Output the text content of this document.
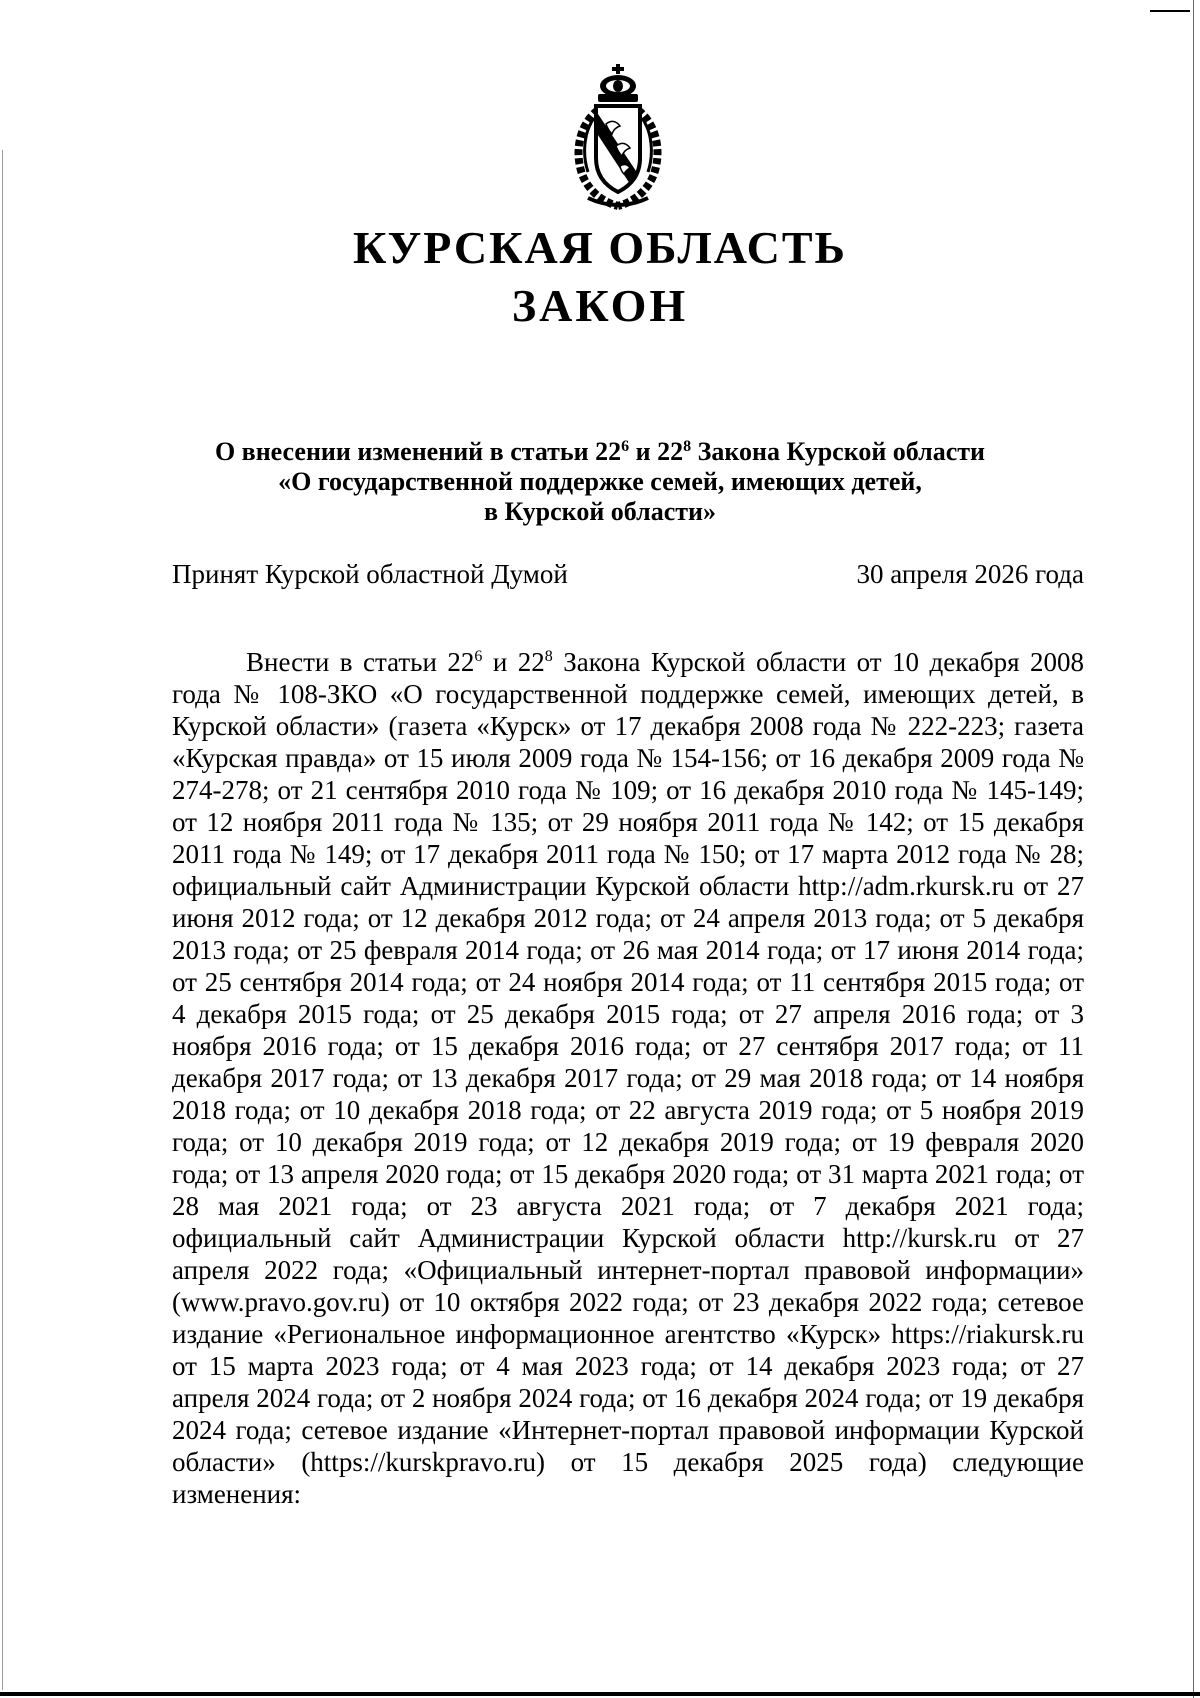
КУРСКАЯ ОБЛАСТЬ
ЗАКОН
О внесении изменений в статьи $22^6$ и $22^8$ Закона Курской области
«О государственной поддержке семей, имеющих детей,
в Курской области»
Принят Курской областной Думой	30 апреля 2026 года

Внести в статьи $22^6$ и $22^8$ Закона Курской области от 10 декабря 2008 года № 108-ЗКО «О государственной поддержке семей, имеющих детей, в Курской области» (газета «Курск» от 17 декабря 2008 года № 222-223; газета «Курская правда» от 15 июля 2009 года № 154-156; от 16 декабря 2009 года № 274-278; от 21 сентября 2010 года № 109; от 16 декабря 2010 года № 145-149; от 12 ноября 2011 года № 135; от 29 ноября 2011 года № 142; от 15 декабря 2011 года № 149; от 17 декабря 2011 года № 150; от 17 марта 2012 года № 28; официальный сайт Администрации Курской области http://adm.rkursk.ru от 27 июня 2012 года; от 12 декабря 2012 года; от 24 апреля 2013 года; от 5 декабря 2013 года; от 25 февраля 2014 года; от 26 мая 2014 года; от 17 июня 2014 года; от 25 сентября 2014 года; от 24 ноября 2014 года; от 11 сентября 2015 года; от 4 декабря 2015 года; от 25 декабря 2015 года; от 27 апреля 2016 года; от 3 ноября 2016 года; от 15 декабря 2016 года; от 27 сентября 2017 года; от 11 декабря 2017 года; от 13 декабря 2017 года; от 29 мая 2018 года; от 14 ноября 2018 года; от 10 декабря 2018 года; от 22 августа 2019 года; от 5 ноября 2019 года; от 10 декабря 2019 года; от 12 декабря 2019 года; от 19 февраля 2020 года; от 13 апреля 2020 года; от 15 декабря 2020 года; от 31 марта 2021 года; от 28 мая 2021 года; от 23 августа 2021 года; от 7 декабря 2021 года; официальный сайт Администрации Курской области http://kursk.ru от 27 апреля 2022 года; «Официальный интернет-портал правовой информации» (www.pravo.gov.ru) от 10 октября 2022 года; от 23 декабря 2022 года; сетевое издание «Региональное информационное агентство «Курск» https://riakursk.ru от 15 марта 2023 года; от 4 мая 2023 года; от 14 декабря 2023 года; от 27 апреля 2024 года; от 2 ноября 2024 года; от 16 декабря 2024 года; от 19 декабря 2024 года; сетевое издание «Интернет-портал правовой информации Курской области» (https://kurskpravo.ru) от 15 декабря 2025 года) следующие изменения:
